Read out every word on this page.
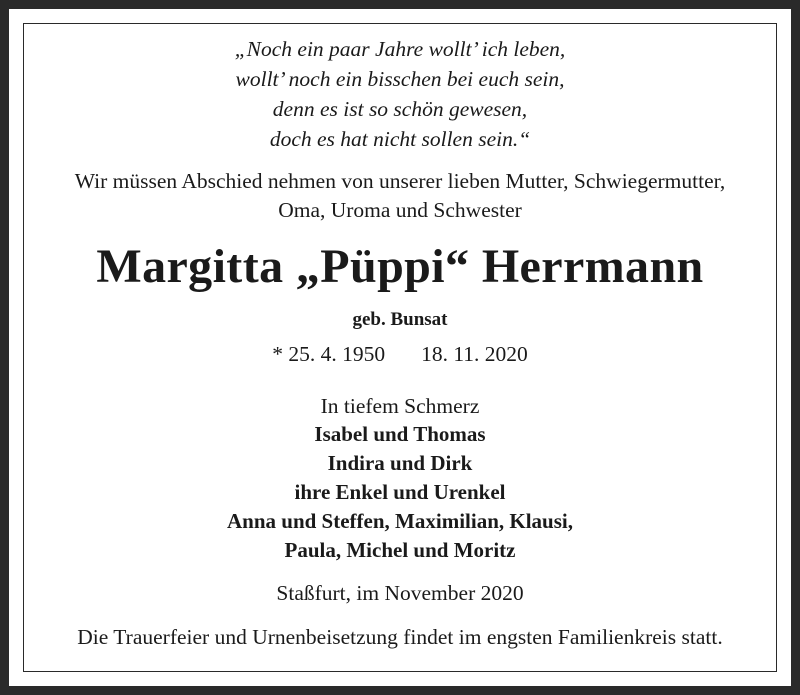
„Noch ein paar Jahre wollt’ ich leben,
wollt’ noch ein bisschen bei euch sein,
denn es ist so schön gewesen,
doch es hat nicht sollen sein.“
Wir müssen Abschied nehmen von unserer lieben Mutter, Schwiegermutter,
Oma, Uroma und Schwester
Margitta „Püppi“ Herrmann
geb. Bunsat
* 25. 4. 1950 18. 11. 2020
In tiefem Schmerz
Isabel und Thomas
Indira und Dirk
ihre Enkel und Urenkel
Anna und Steffen, Maximilian, Klausi,
Paula, Michel und Moritz
Staßfurt, im November 2020
Die Trauerfeier und Urnenbeisetzung findet im engsten Familienkreis statt.
